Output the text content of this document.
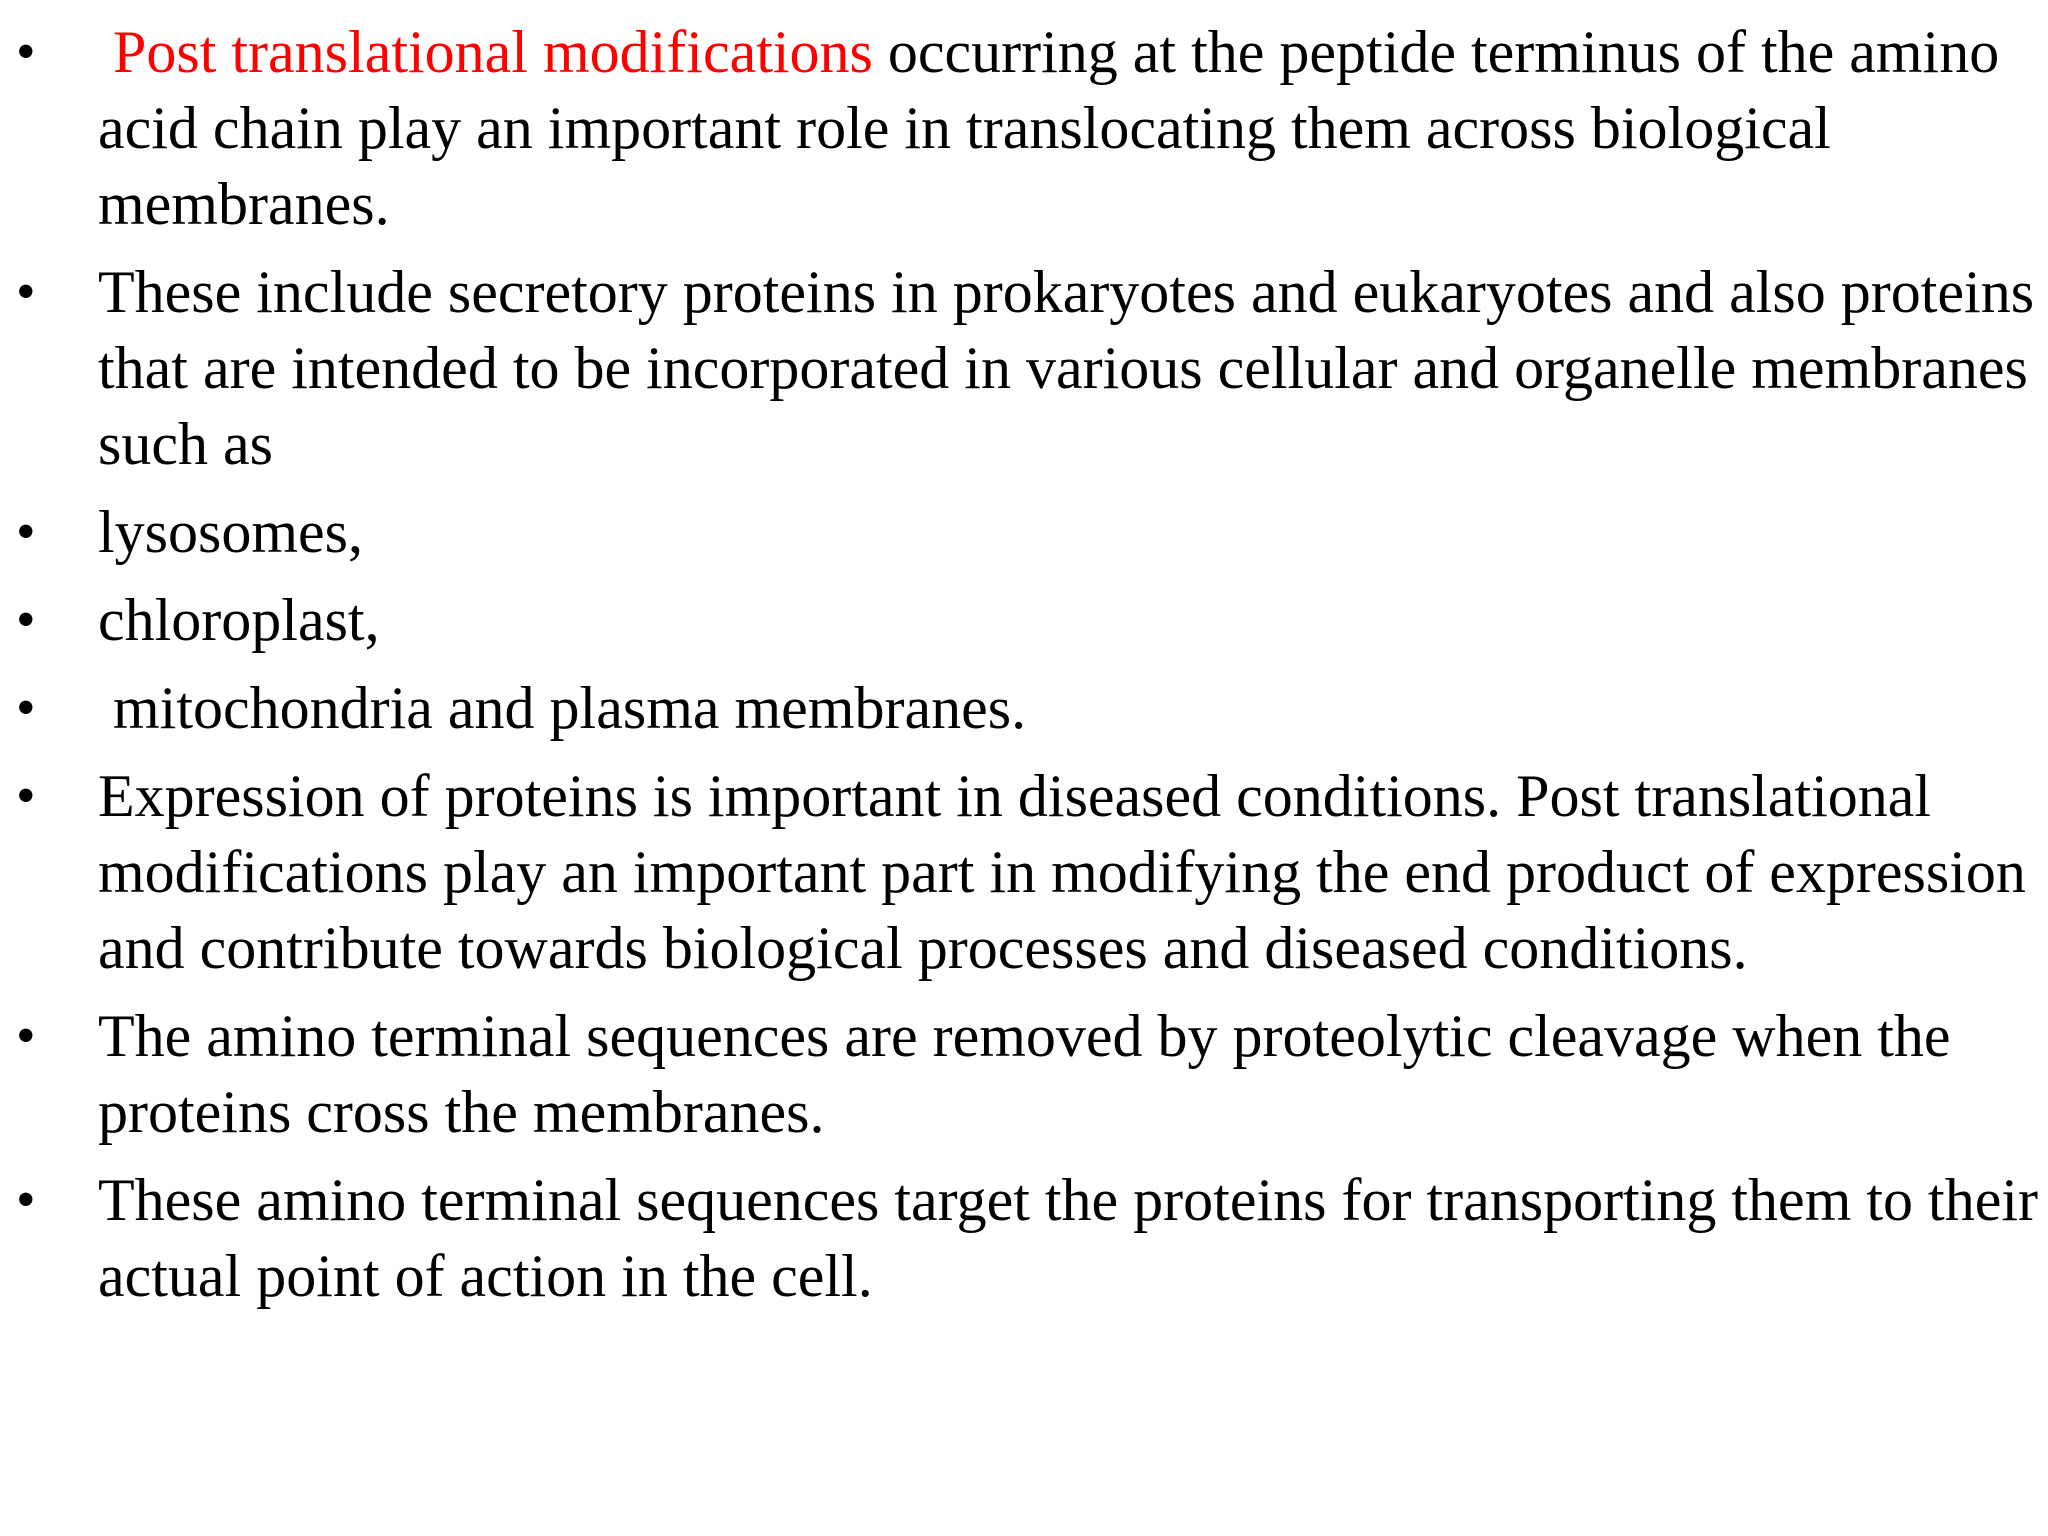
•	Post translational modifications occurring at the peptide terminus of the amino acid chain play an important role in translocating them across biological membranes.
•	These include secretory proteins in prokaryotes and eukaryotes and also proteins that are intended to be incorporated in various cellular and organelle membranes such as
•	lysosomes,
•	chloroplast,
•	mitochondria and plasma membranes.
•	Expression of proteins is important in diseased conditions. Post translational modifications play an important part in modifying the end product of expression and contribute towards biological processes and diseased conditions.
•	The amino terminal sequences are removed by proteolytic cleavage when the proteins cross the membranes.
•	These amino terminal sequences target the proteins for transporting them to their actual point of action in the cell.
